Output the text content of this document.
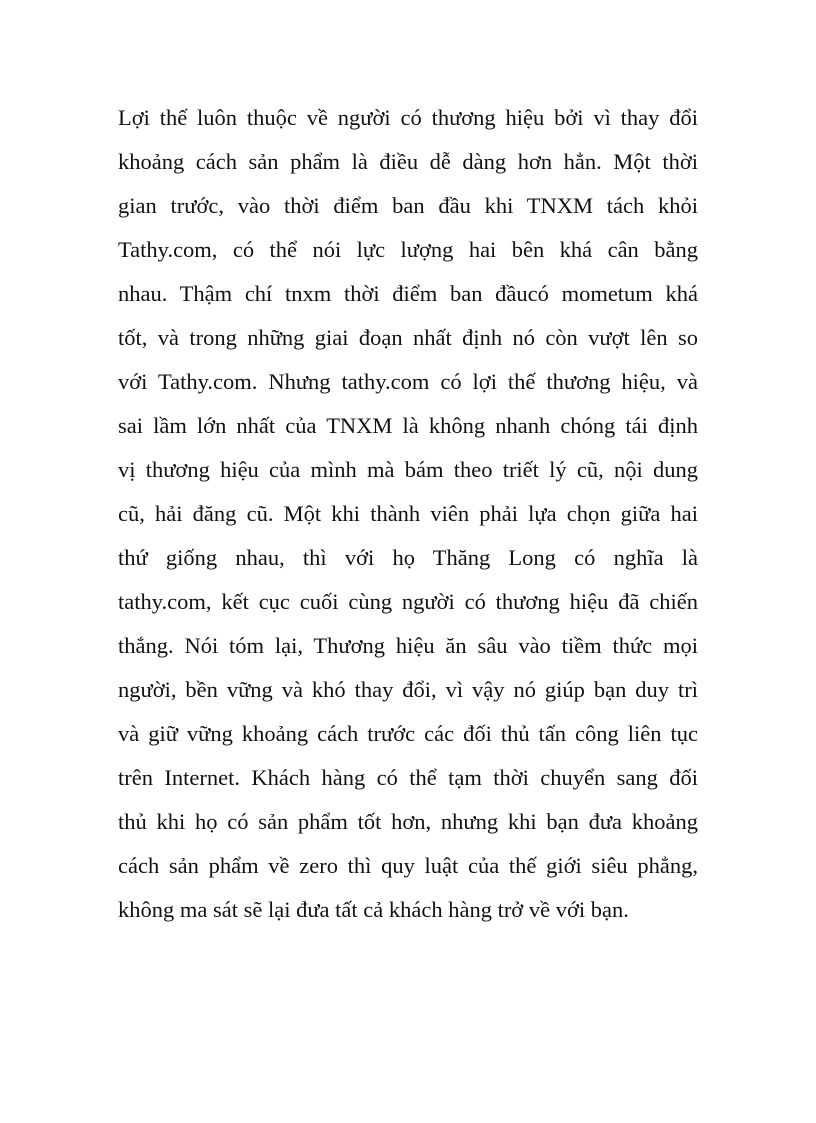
Lợi thế luôn thuộc về người có thương hiệu bởi vì thay đổi
khoảng cách sản phẩm là điều dễ dàng hơn hẳn. Một thời
gian trước, vào thời điểm ban đầu khi TNXM tách khỏi
Tathy.com, có thể nói lực lượng hai bên khá cân bằng
nhau. Thậm chí tnxm thời điểm ban đầucó mometum khá
tốt, và trong những giai đoạn nhất định nó còn vượt lên so
với Tathy.com. Nhưng tathy.com có lợi thế thương hiệu, và
sai lầm lớn nhất của TNXM là không nhanh chóng tái định
vị thương hiệu của mình mà bám theo triết lý cũ, nội dung
cũ, hải đăng cũ. Một khi thành viên phải lựa chọn giữa hai
thứ giống nhau, thì với họ Thăng Long có nghĩa là
tathy.com, kết cục cuối cùng người có thương hiệu đã chiến
thắng. Nói tóm lại, Thương hiệu ăn sâu vào tiềm thức mọi
người, bền vững và khó thay đổi, vì vậy nó giúp bạn duy trì
và giữ vững khoảng cách trước các đối thủ tấn công liên tục
trên Internet. Khách hàng có thể tạm thời chuyển sang đối
thủ khi họ có sản phẩm tốt hơn, nhưng khi bạn đưa khoảng
cách sản phẩm về zero thì quy luật của thế giới siêu phẳng,
không ma sát sẽ lại đưa tất cả khách hàng trở về với bạn.
